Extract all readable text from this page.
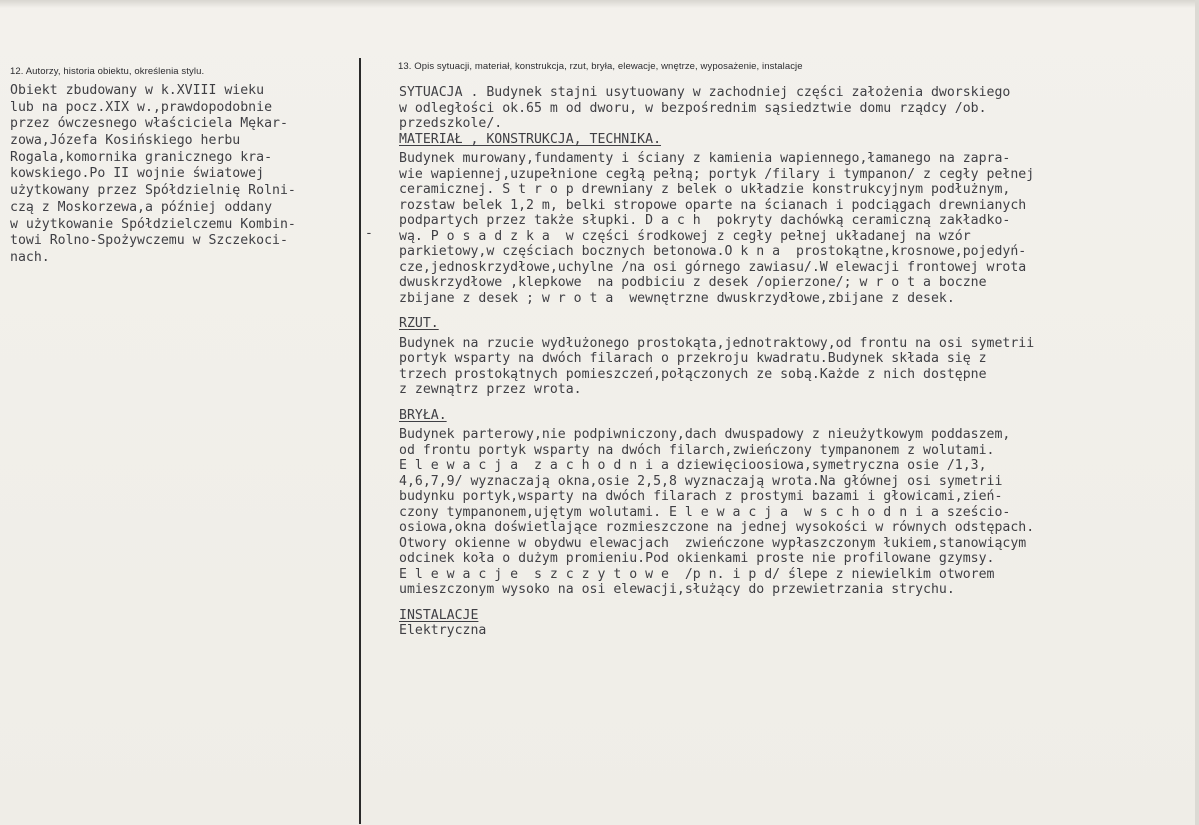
12. Autorzy, historia obiektu, określenia stylu.	13. Opis sytuacji, materiał, konstrukcja, rzut, bryła, elewacje, wnętrze, wyposażenie, instalacje
-
Obiekt zbudowany w k.XVIII wieku
lub na pocz.XIX w.,prawdopodobnie
przez ówczesnego właściciela Mękar-
zowa,Józefa Kosińskiego herbu
Rogala,komornika granicznego kra-
kowskiego.Po II wojnie światowej
użytkowany przez Spółdzielnię Rolni-
czą z Moskorzewa,a później oddany
w użytkowanie Spółdzielczemu Kombin-
towi Rolno-Spożywczemu w Szczekoci-
nach.
SYTUACJA . Budynek stajni usytuowany w zachodniej części założenia dworskiego
w odległości ok.65 m od dworu, w bezpośrednim sąsiedztwie domu rządcy /ob.
przedszkole/.
MATERIAŁ , KONSTRUKCJA, TECHNIKA.
Budynek murowany,fundamenty i ściany z kamienia wapiennego,łamanego na zapra-
wie wapiennej,uzupełnione cegłą pełną; portyk /filary i tympanon/ z cegły pełnej
ceramicznej. S t r o p drewniany z belek o układzie konstrukcyjnym podłużnym,
rozstaw belek 1,2 m, belki stropowe oparte na ścianach i podciągach drewnianych
podpartych przez także słupki. D a c h  pokryty dachówką ceramiczną zakładko-
wą. P o s a d z k a  w części środkowej z cegły pełnej układanej na wzór
parkietowy,w częściach bocznych betonowa.O k n a  prostokątne,krosnowe,pojedyń-
cze,jednoskrzydłowe,uchylne /na osi górnego zawiasu/.W elewacji frontowej wrota
dwuskrzydłowe ,klepkowe  na podbiciu z desek /opierzone/; w r o t a boczne
zbijane z desek ; w r o t a  wewnętrzne dwuskrzydłowe,zbijane z desek.
RZUT.
Budynek na rzucie wydłużonego prostokąta,jednotraktowy,od frontu na osi symetrii
portyk wsparty na dwóch filarach o przekroju kwadratu.Budynek składa się z
trzech prostokątnych pomieszczeń,połączonych ze sobą.Każde z nich dostępne
z zewnątrz przez wrota.
BRYŁA.
Budynek parterowy,nie podpiwniczony,dach dwuspadowy z nieużytkowym poddaszem,
od frontu portyk wsparty na dwóch filarch,zwieńczony tympanonem z wolutami.
E l e w a c j a  z a c h o d n i a dziewięcioosiowa,symetryczna osie /1,3,
4,6,7,9/ wyznaczają okna,osie 2,5,8 wyznaczają wrota.Na głównej osi symetrii
budynku portyk,wsparty na dwóch filarach z prostymi bazami i głowicami,zień-
czony tympanonem,ujętym wolutami. E l e w a c j a  w s c h o d n i a sześcio-
osiowa,okna doświetlające rozmieszczone na jednej wysokości w równych odstępach.
Otwory okienne w obydwu elewacjach  zwieńczone wypłaszczonym łukiem,stanowiącym
odcinek koła o dużym promieniu.Pod okienkami proste nie profilowane gzymsy.
E l e w a c j e  s z c z y t o w e  /p n. i p d/ ślepe z niewielkim otworem
umieszczonym wysoko na osi elewacji,służący do przewietrzania strychu.
INSTALACJE
Elektryczna
